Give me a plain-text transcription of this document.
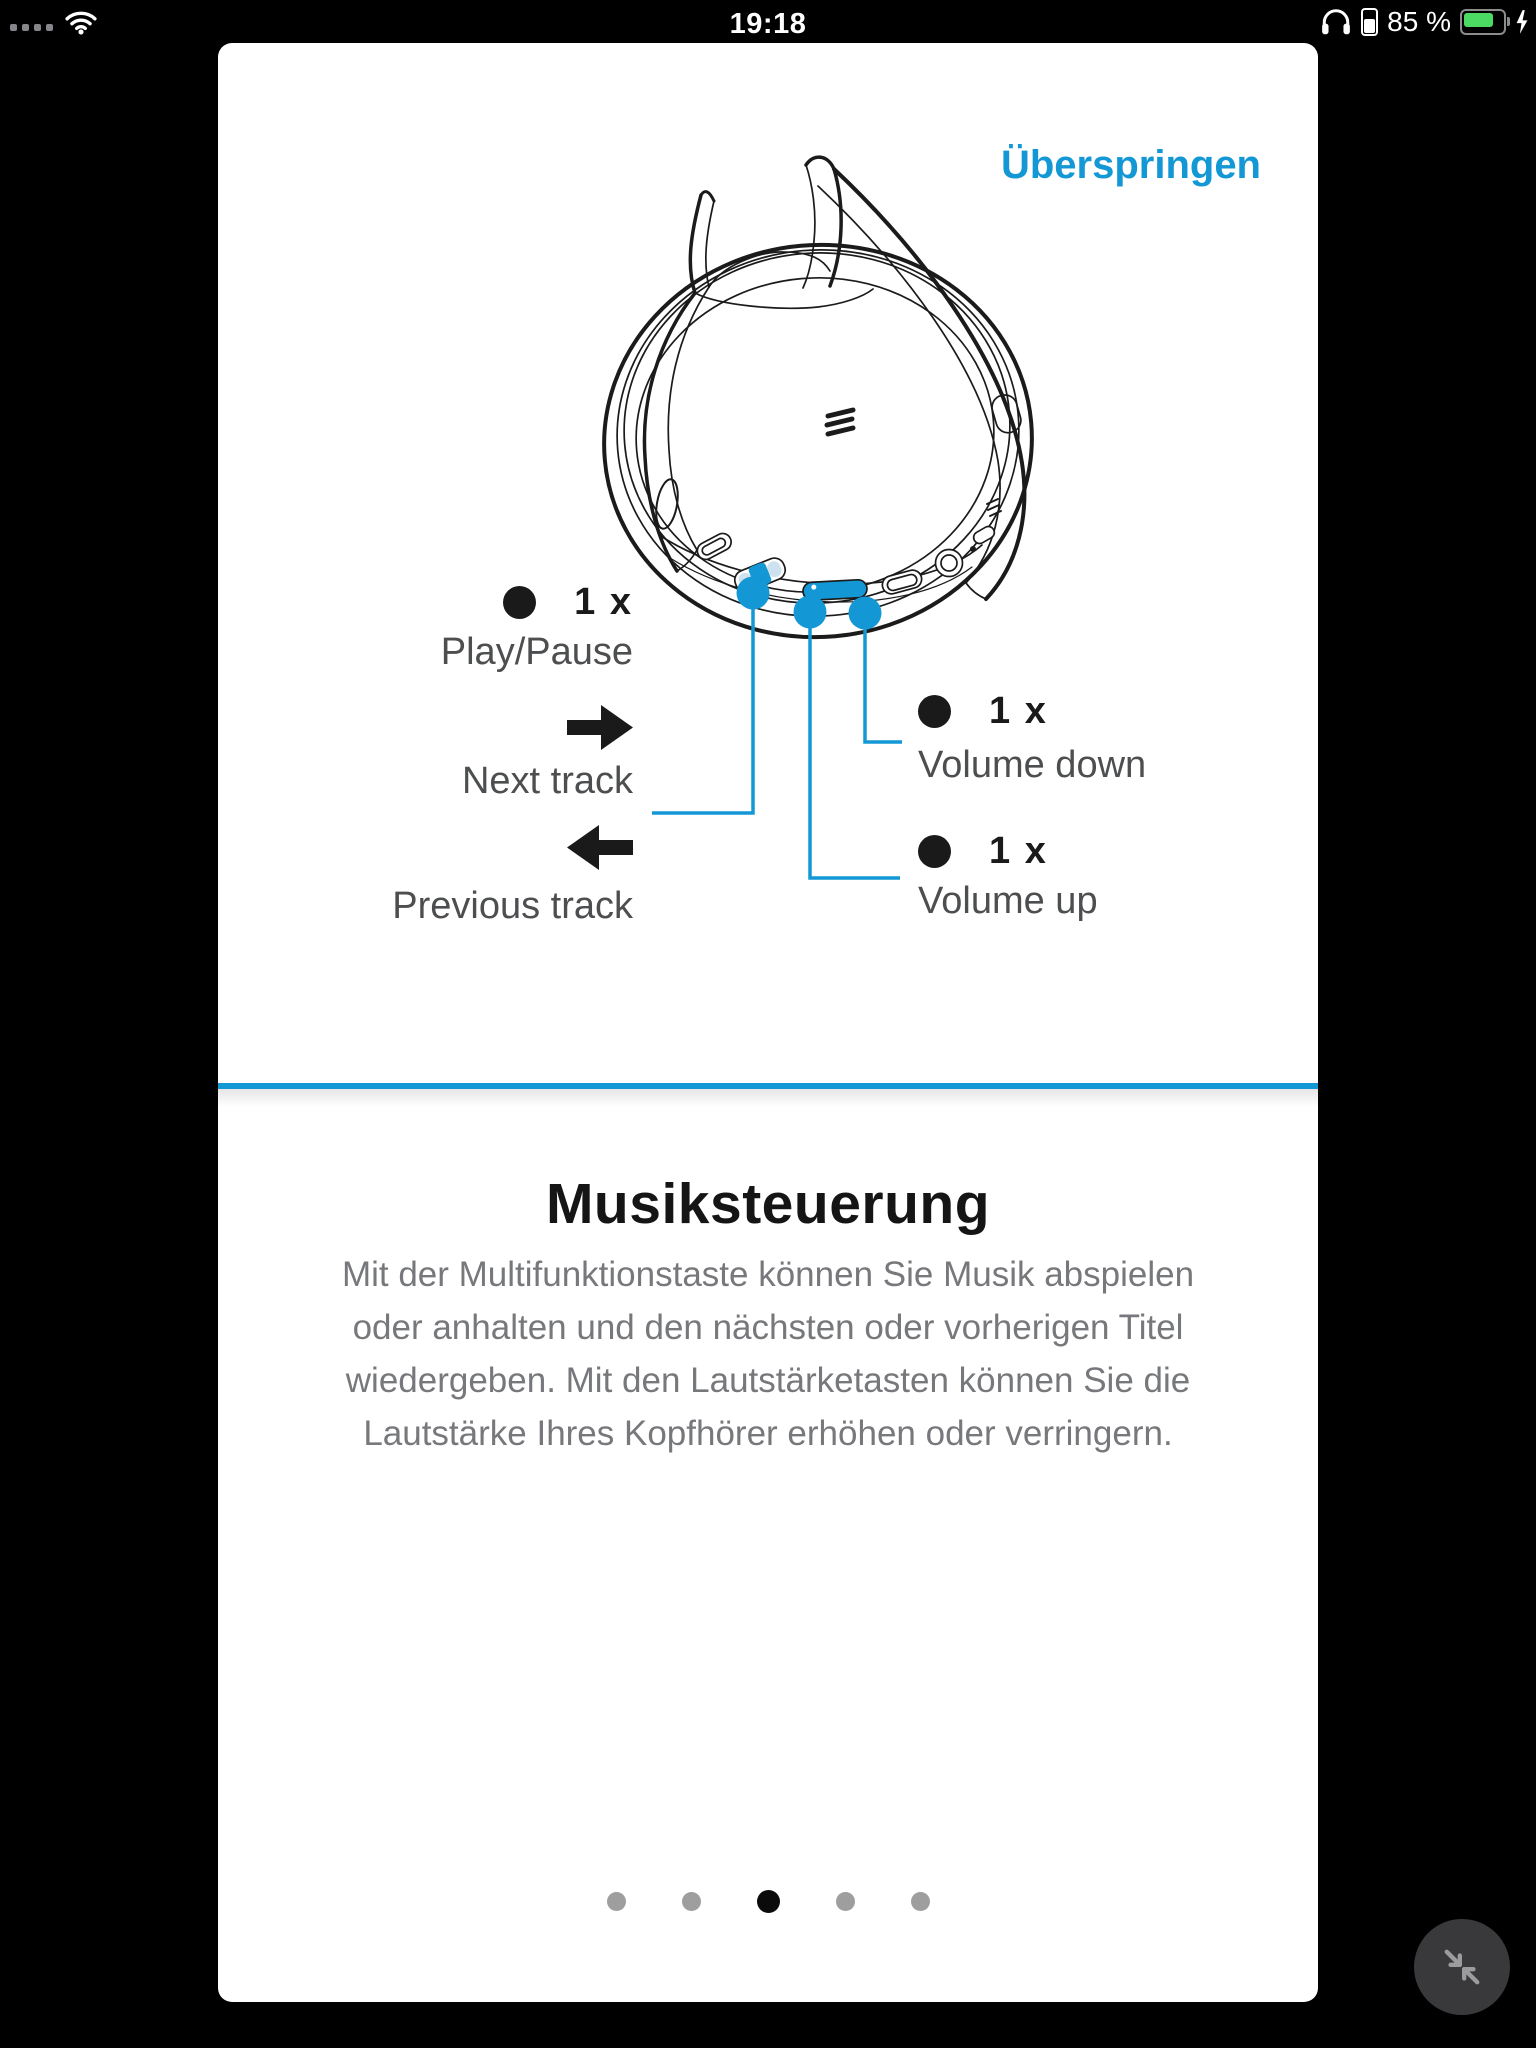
19:18	85 %
Überspringen
1 x
Play/Pause
Next track
Previous track
1 x
Volume down
1 x
Volume up
Musiksteuerung

Mit der Multifunktionstaste können Sie Musik abspielen oder anhalten und den nächsten oder vorherigen Titel wiedergeben. Mit den Lautstärketasten können Sie die Lautstärke Ihres Kopfhörer erhöhen oder verringern.
